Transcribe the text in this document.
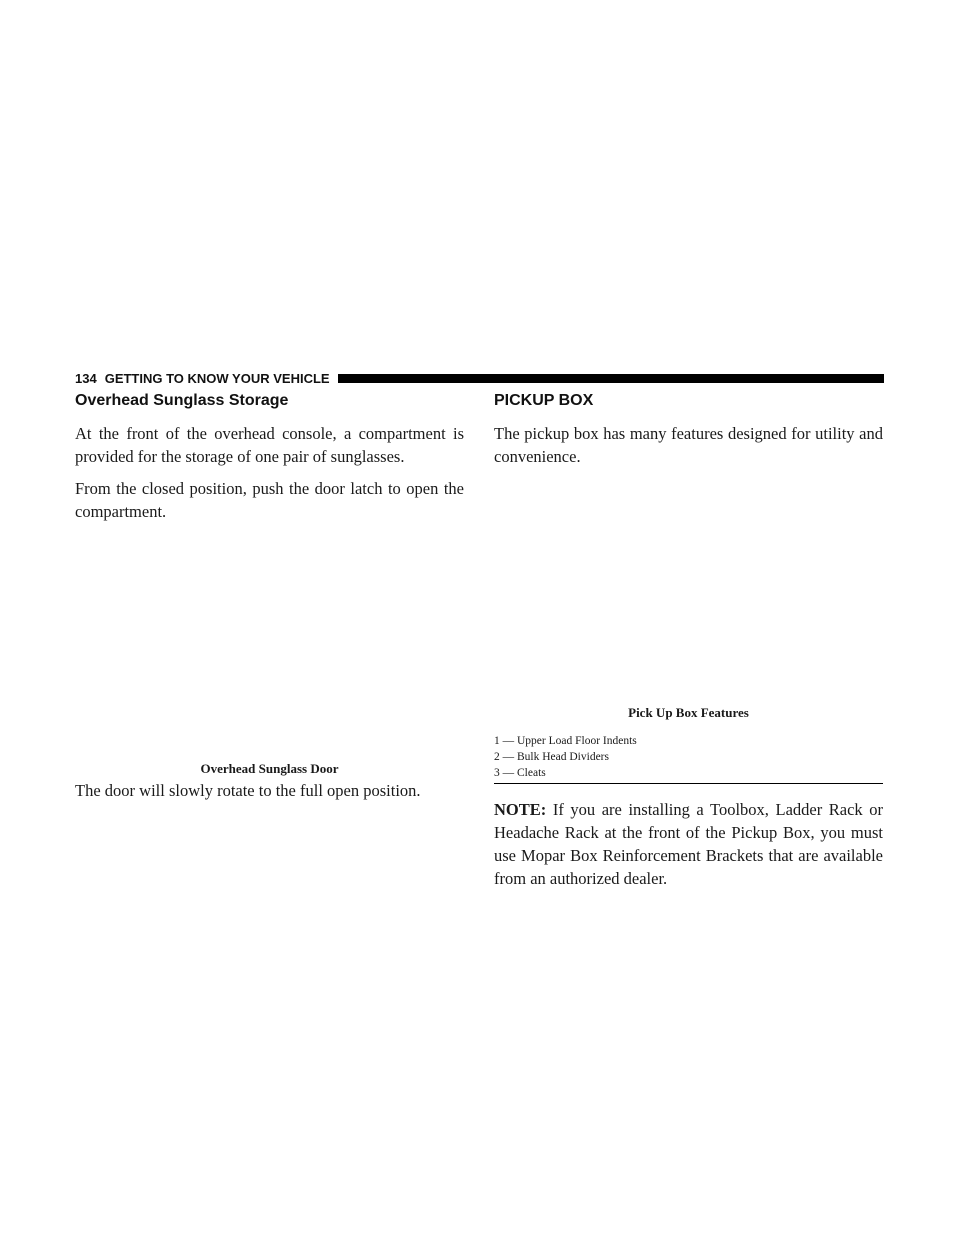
134 GETTING TO KNOW YOUR VEHICLE
Overhead Sunglass Storage

At the front of the overhead console, a compartment is provided for the storage of one pair of sunglasses.

From the closed position, push the door latch to open the compartment.

Overhead Sunglass Door

The door will slowly rotate to the full open position.

PICKUP BOX

The pickup box has many features designed for utility and convenience.

Pick Up Box Features
1 — Upper Load Floor Indents
2 — Bulk Head Dividers
3 — Cleats

NOTE: If you are installing a Toolbox, Ladder Rack or Headache Rack at the front of the Pickup Box, you must use Mopar Box Reinforcement Brackets that are available from an authorized dealer.
